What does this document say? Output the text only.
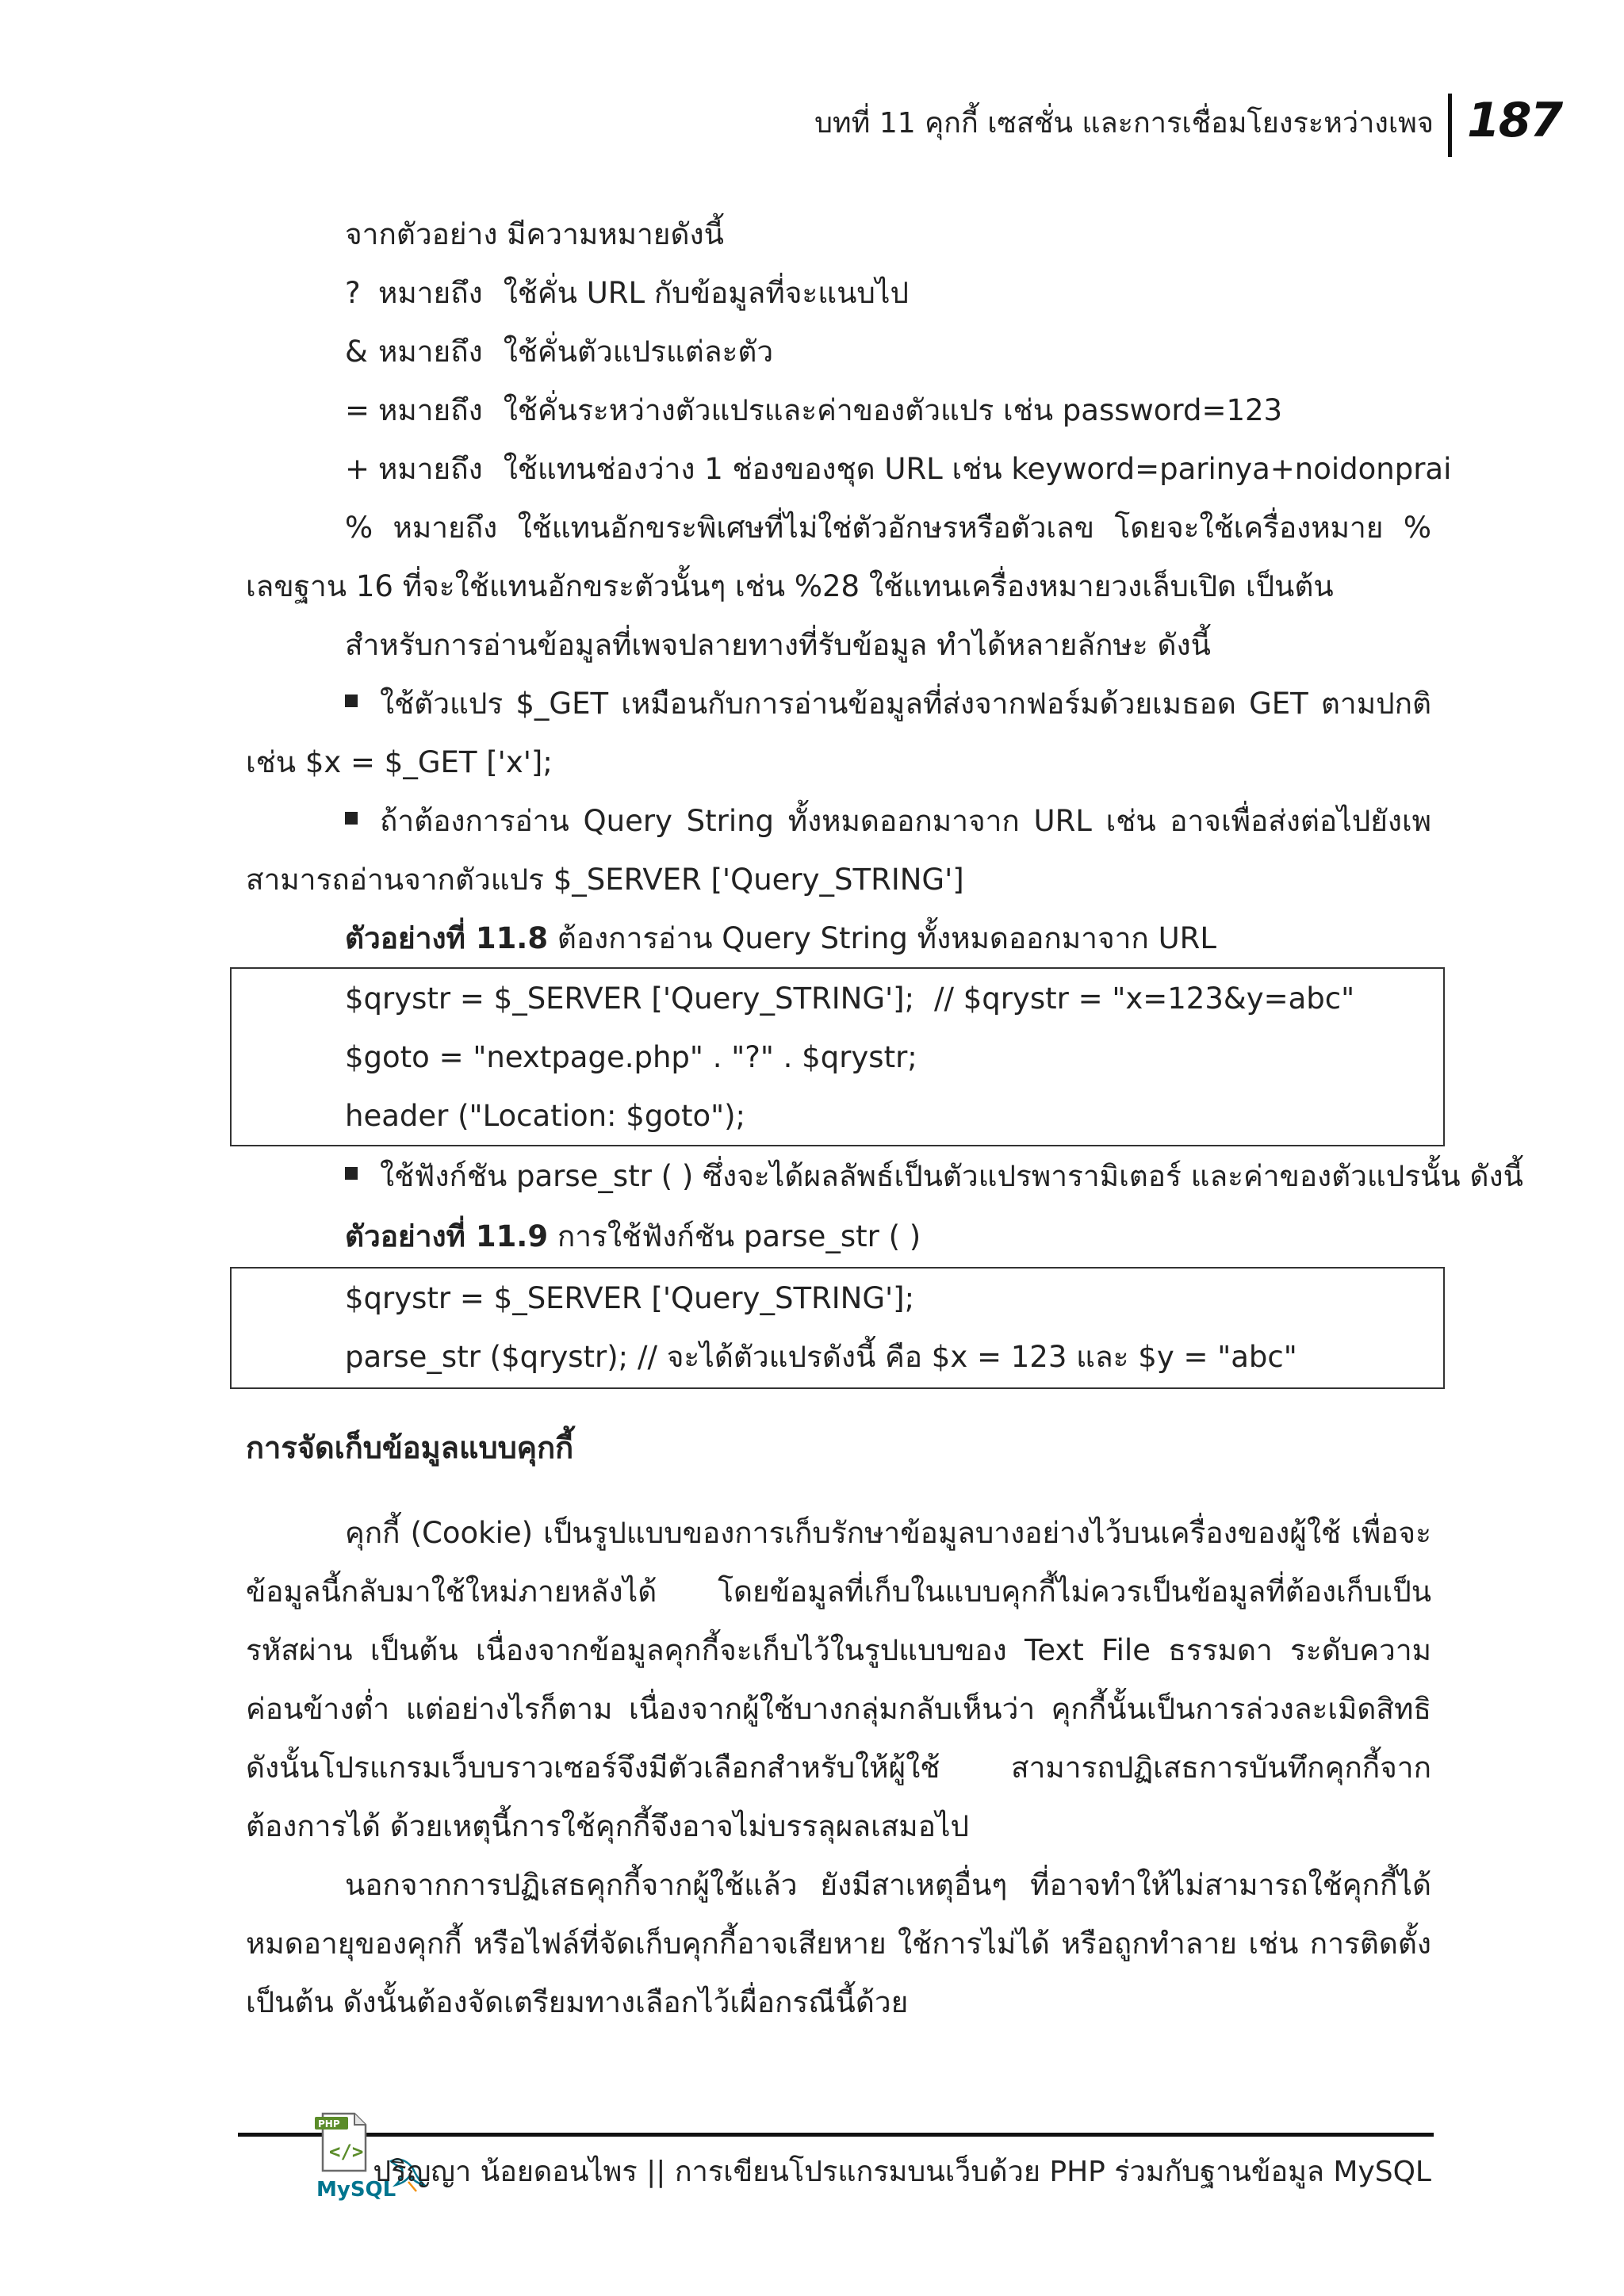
บทที่ 11 คุกกี้ เซสชั่น และการเชื่อมโยงระหว่างเพจ 187
จากตัวอย่าง มีความหมายดังนี้
? หมายถึง ใช้คั่น URL กับข้อมูลที่จะแนบไป
& หมายถึง ใช้คั่นตัวแปรแต่ละตัว
= หมายถึง ใช้คั่นระหว่างตัวแปรและค่าของตัวแปร เช่น password=123
+ หมายถึง ใช้แทนช่องว่าง 1 ช่องของชุด URL เช่น keyword=parinya+noidonprai
% หมายถึง ใช้แทนอักขระพิเศษที่ไม่ใช่ตัวอักษรหรือตัวเลข โดยจะใช้เครื่องหมาย %
เลขฐาน 16 ที่จะใช้แทนอักขระตัวนั้นๆ เช่น %28 ใช้แทนเครื่องหมายวงเล็บเปิด เป็นต้น
สำหรับการอ่านข้อมูลที่เพจปลายทางที่รับข้อมูล ทำได้หลายลักษะ ดังนี้
ใช้ตัวแปร $_GET เหมือนกับการอ่านข้อมูลที่ส่งจากฟอร์มด้วยเมธอด GET ตามปกติ
เช่น $x = $_GET ['x'];
ถ้าต้องการอ่าน Query String ทั้งหมดออกมาจาก URL เช่น อาจเพื่อส่งต่อไปยังเพ
สามารถอ่านจากตัวแปร $_SERVER ['Query_STRING']
ตัวอย่างที่ 11.8 ต้องการอ่าน Query String ทั้งหมดออกมาจาก URL
$qrystr = $_SERVER ['Query_STRING']; // $qrystr = "x=123&y=abc"
$goto = "nextpage.php" . "?" . $qrystr;
header ("Location: $goto");
ใช้ฟังก์ชัน parse_str ( ) ซึ่งจะได้ผลลัพธ์เป็นตัวแปรพารามิเตอร์ และค่าของตัวแปรนั้น ดังนี้
ตัวอย่างที่ 11.9 การใช้ฟังก์ชัน parse_str ( )
$qrystr = $_SERVER ['Query_STRING'];
parse_str ($qrystr); // จะได้ตัวแปรดังนี้ คือ $x = 123 และ $y = "abc"
การจัดเก็บข้อมูลแบบคุกกี้
คุกกี้ (Cookie) เป็นรูปแบบของการเก็บรักษาข้อมูลบางอย่างไว้บนเครื่องของผู้ใช้ เพื่อจะ
ข้อมูลนี้กลับมาใช้ใหม่ภายหลังได้ โดยข้อมูลที่เก็บในแบบคุกกี้ไม่ควรเป็นข้อมูลที่ต้องเก็บเป็น
รหัสผ่าน เป็นต้น เนื่องจากข้อมูลคุกกี้จะเก็บไว้ในรูปแบบของ Text File ธรรมดา ระดับความ
ค่อนข้างต่ำ แต่อย่างไรก็ตาม เนื่องจากผู้ใช้บางกลุ่มกลับเห็นว่า คุกกี้นั้นเป็นการล่วงละเมิดสิทธิ
ดังนั้นโปรแกรมเว็บบราวเซอร์จึงมีตัวเลือกสำหรับให้ผู้ใช้ สามารถปฏิเสธการบันทึกคุกกี้จาก
ต้องการได้ ด้วยเหตุนี้การใช้คุกกี้จึงอาจไม่บรรลุผลเสมอไป
นอกจากการปฏิเสธคุกกี้จากผู้ใช้แล้ว ยังมีสาเหตุอื่นๆ ที่อาจทำให้ไม่สามารถใช้คุกกี้ได้
หมดอายุของคุกกี้ หรือไฟล์ที่จัดเก็บคุกกี้อาจเสียหาย ใช้การไม่ได้ หรือถูกทำลาย เช่น การติดตั้ง
เป็นต้น ดังนั้นต้องจัดเตรียมทางเลือกไว้เผื่อกรณีนี้ด้วย
PHP
</>
MySQL
ปริญญา น้อยดอนไพร || การเขียนโปรแกรมบนเว็บด้วย PHP ร่วมกับฐานข้อมูล MySQL
